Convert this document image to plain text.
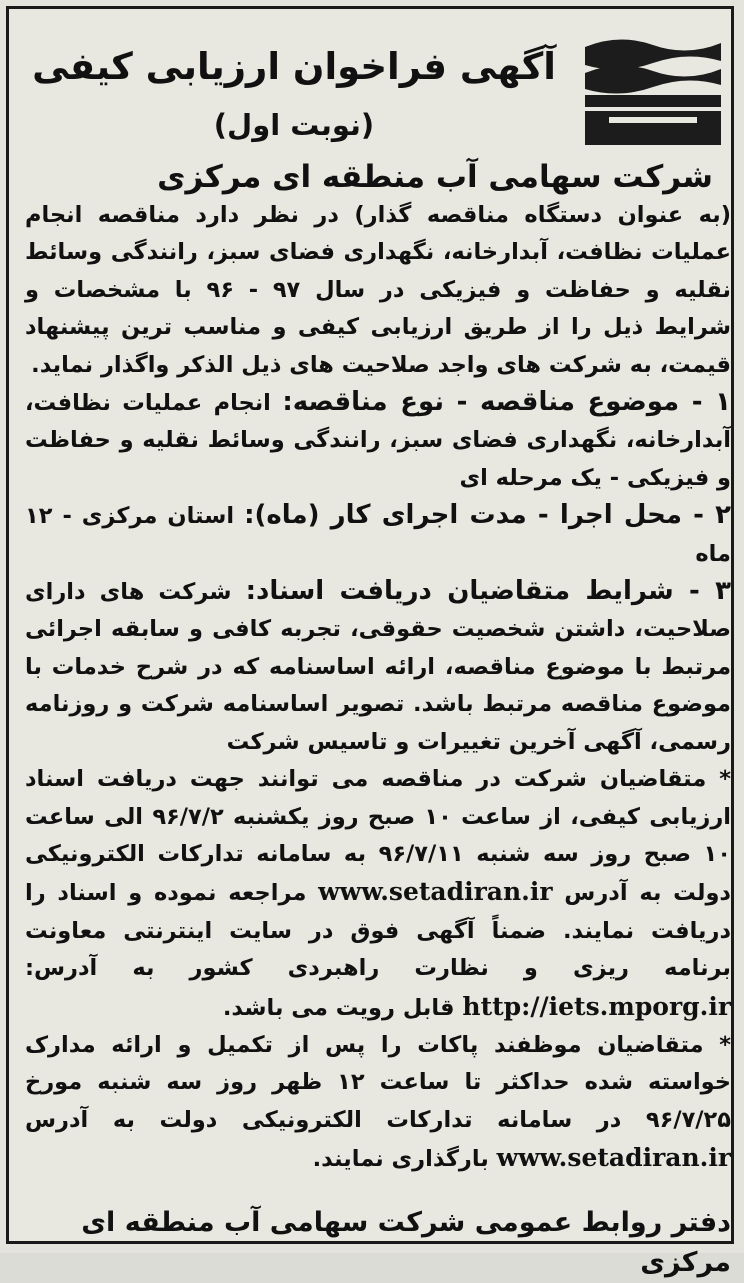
آگهی فراخوان ارزیابی کیفی
(نوبت اول)
شرکت سهامی آب منطقه ای مرکزی

(به عنوان دستگاه مناقصه گذار) در نظر دارد مناقصه انجام عملیات نظافت، آبدارخانه، نگهداری فضای سبز، رانندگی وسائط نقلیه و حفاظت و فیزیکی در سال ۹۷ - ۹۶ با مشخصات و شرایط ذیل را از طریق ارزیابی کیفی و مناسب ترین پیشنهاد قیمت، به شرکت های واجد صلاحیت های ذیل الذکر واگذار نماید.

۱ - موضوع مناقصه - نوع مناقصه: انجام عملیات نظافت، آبدارخانه، نگهداری فضای سبز، رانندگی وسائط نقلیه و حفاظت و فیزیکی - یک مرحله ای

۲ - محل اجرا - مدت اجرای کار (ماه): استان مرکزی - ۱۲ ماه

۳ - شرایط متقاضیان دریافت اسناد: شرکت های دارای صلاحیت، داشتن شخصیت حقوقی، تجربه کافی و سابقه اجرائی مرتبط با موضوع مناقصه، ارائه اساسنامه که در شرح خدمات با موضوع مناقصه مرتبط باشد. تصویر اساسنامه شرکت و روزنامه رسمی، آگهی آخرین تغییرات و تاسیس شرکت

* متقاضیان شرکت در مناقصه می توانند جهت دریافت اسناد ارزیابی کیفی، از ساعت ۱۰ صبح روز یکشنبه ۹۶/۷/۲ الی ساعت ۱۰ صبح روز سه شنبه ۹۶/۷/۱۱ به سامانه تدارکات الکترونیکی دولت به آدرس www.setadiran.ir مراجعه نموده و اسناد را دریافت نمایند. ضمناً آگهی فوق در سایت اینترنتی معاونت برنامه ریزی و نظارت راهبردی کشور به آدرس: http://iets.mporg.ir قابل رویت می باشد.

* متقاضیان موظفند پاکات را پس از تکمیل و ارائه مدارک خواسته شده حداکثر تا ساعت ۱۲ ظهر روز سه شنبه مورخ ۹۶/۷/۲۵ در سامانه تدارکات الکترونیکی دولت به آدرس www.setadiran.ir بارگذاری نمایند.

دفتر روابط عمومی شرکت سهامی آب منطقه ای مرکزی
